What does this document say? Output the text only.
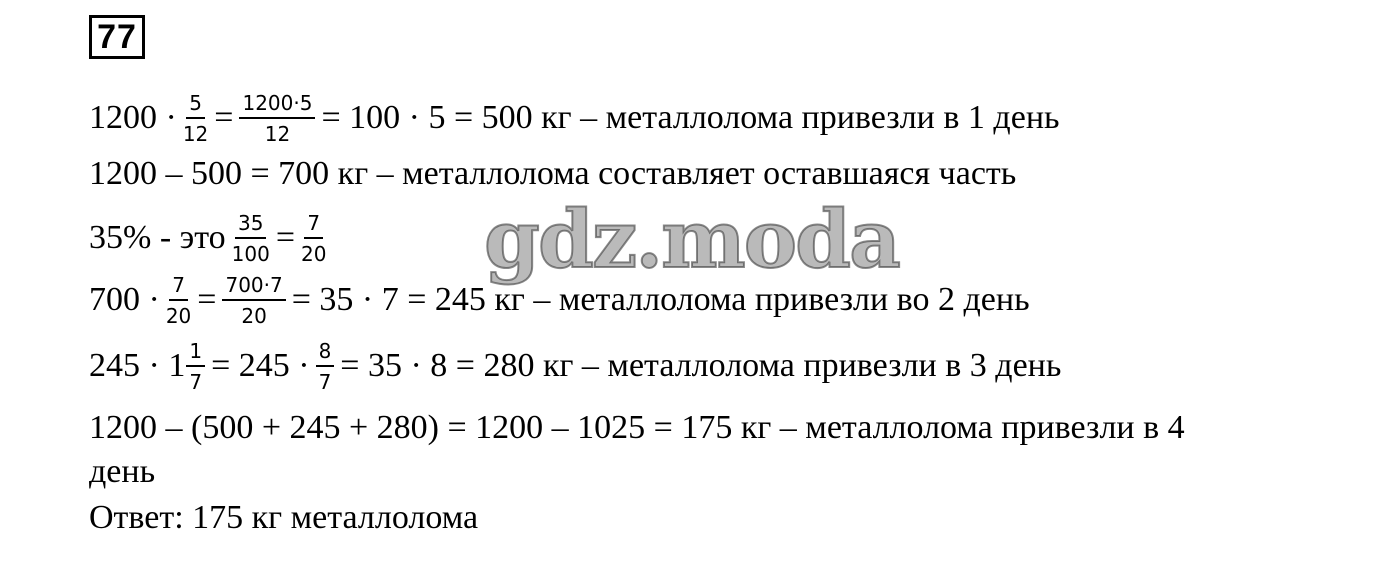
77
$1200 \cdot \frac{5}{12} = \frac{1200\cdot 5}{12} = 100 \cdot 5 = 500$ кг – металлолома привезли в 1 день
1200 – 500 = 700 кг – металлолома составляет оставшаяся часть
35% - это $\frac{35}{100} = \frac{7}{20}$
$700 \cdot \frac{7}{20} = \frac{700\cdot 7}{20} = 35 \cdot 7 = 245$ кг – металлолома привезли во 2 день
$245 \cdot 1 \frac{1}{7} = 245 \cdot \frac{8}{7} = 35 \cdot 8 = 280$ кг – металлолома привезли в 3 день
1200 – (500 + 245 + 280) = 1200 – 1025 = 175 кг – металлолома привезли в 4
день
Ответ: 175 кг металлолома
gdz.moda
